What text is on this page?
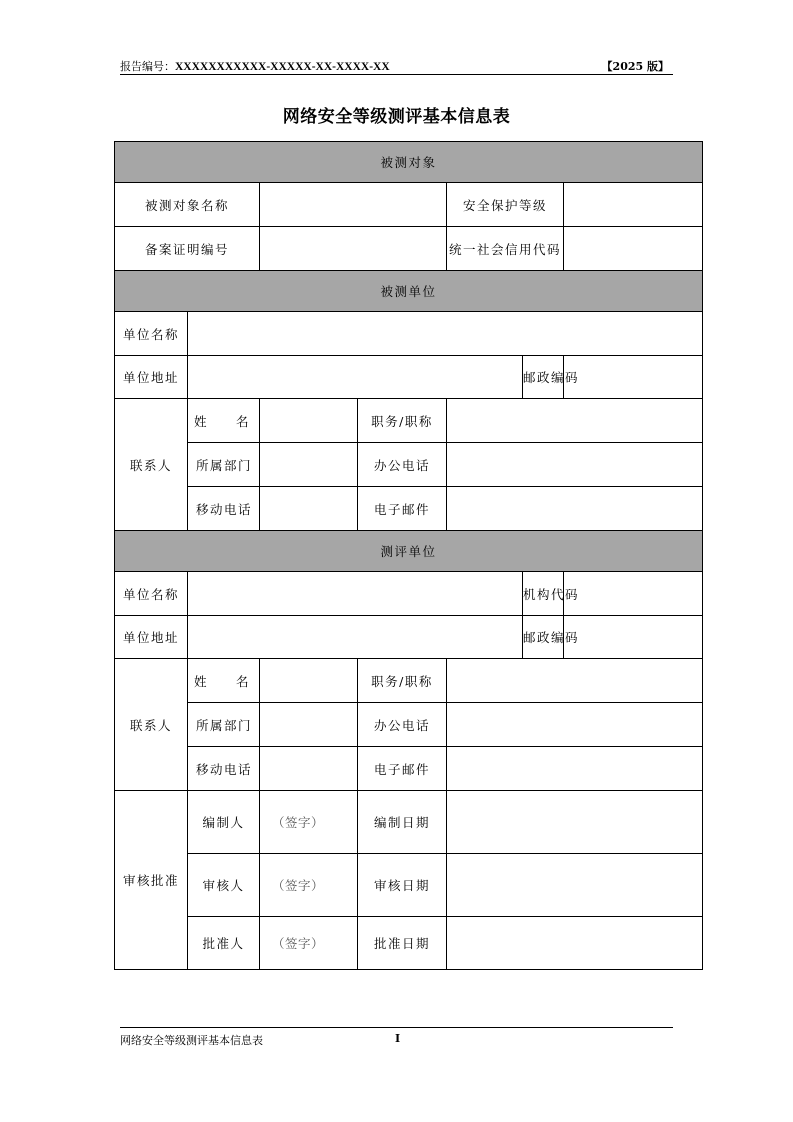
报告编号：XXXXXXXXXXX-XXXXX-XX-XXXX-XX	【2025 版】
网络安全等级测评基本信息表
被测对象						
被测对象名称				安全保护等级		
备案证明编号				统一社会信用代码		
被测单位						
单位名称						
单位地址					邮政编码	
联系人	姓名		职务/职称			
	所属部门		办公电话			
	移动电话		电子邮件			
测评单位						
单位名称					机构代码	
单位地址					邮政编码	
联系人	姓名		职务/职称			
	所属部门		办公电话			
	移动电话		电子邮件			
审核批准	编制人	（签字）	编制日期			
	审核人	（签字）	审核日期			
	批准人	（签字）	批准日期			
网络安全等级测评基本信息表	I
